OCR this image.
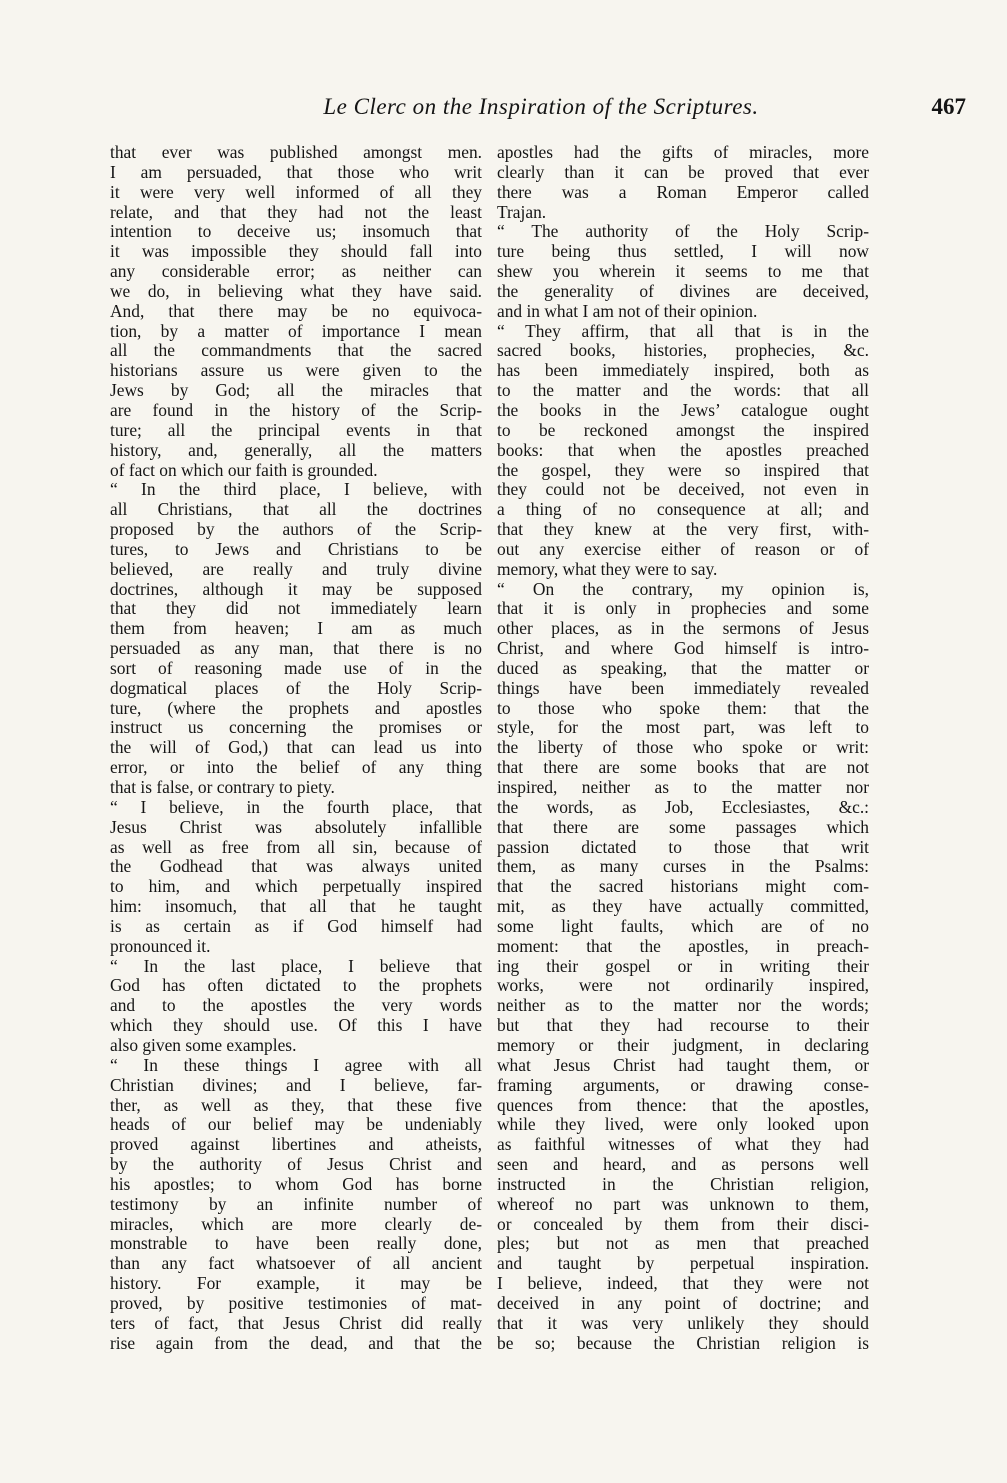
Le Clerc on the Inspiration of the Scriptures.	467
that ever was published amongst men.
I am persuaded, that those who writ
it were very well informed of all they
relate, and that they had not the least
intention to deceive us; insomuch that
it was impossible they should fall into
any considerable error; as neither can
we do, in believing what they have said.
And, that there may be no equivoca-
tion, by a matter of importance I mean
all the commandments that the sacred
historians assure us were given to the
Jews by God; all the miracles that
are found in the history of the Scrip-
ture; all the principal events in that
history, and, generally, all the matters
of fact on which our faith is grounded.
“ In the third place, I believe, with
all Christians, that all the doctrines
proposed by the authors of the Scrip-
tures, to Jews and Christians to be
believed, are really and truly divine
doctrines, although it may be supposed
that they did not immediately learn
them from heaven; I am as much
persuaded as any man, that there is no
sort of reasoning made use of in the
dogmatical places of the Holy Scrip-
ture, (where the prophets and apostles
instruct us concerning the promises or
the will of God,) that can lead us into
error, or into the belief of any thing
that is false, or contrary to piety.
“ I believe, in the fourth place, that
Jesus Christ was absolutely infallible
as well as free from all sin, because of
the Godhead that was always united
to him, and which perpetually inspired
him: insomuch, that all that he taught
is as certain as if God himself had
pronounced it.
“ In the last place, I believe that
God has often dictated to the prophets
and to the apostles the very words
which they should use. Of this I have
also given some examples.
“ In these things I agree with all
Christian divines; and I believe, far-
ther, as well as they, that these five
heads of our belief may be undeniably
proved against libertines and atheists,
by the authority of Jesus Christ and
his apostles; to whom God has borne
testimony by an infinite number of
miracles, which are more clearly de-
monstrable to have been really done,
than any fact whatsoever of all ancient
history. For example, it may be
proved, by positive testimonies of mat-
ters of fact, that Jesus Christ did really
rise again from the dead, and that the
apostles had the gifts of miracles, more
clearly than it can be proved that ever
there was a Roman Emperor called
Trajan.
“ The authority of the Holy Scrip-
ture being thus settled, I will now
shew you wherein it seems to me that
the generality of divines are deceived,
and in what I am not of their opinion.
“ They affirm, that all that is in the
sacred books, histories, prophecies, &c.
has been immediately inspired, both as
to the matter and the words: that all
the books in the Jews’ catalogue ought
to be reckoned amongst the inspired
books: that when the apostles preached
the gospel, they were so inspired that
they could not be deceived, not even in
a thing of no consequence at all; and
that they knew at the very first, with-
out any exercise either of reason or of
memory, what they were to say.
“ On the contrary, my opinion is,
that it is only in prophecies and some
other places, as in the sermons of Jesus
Christ, and where God himself is intro-
duced as speaking, that the matter or
things have been immediately revealed
to those who spoke them: that the
style, for the most part, was left to
the liberty of those who spoke or writ:
that there are some books that are not
inspired, neither as to the matter nor
the words, as Job, Ecclesiastes, &c.:
that there are some passages which
passion dictated to those that writ
them, as many curses in the Psalms:
that the sacred historians might com-
mit, as they have actually committed,
some light faults, which are of no
moment: that the apostles, in preach-
ing their gospel or in writing their
works, were not ordinarily inspired,
neither as to the matter nor the words;
but that they had recourse to their
memory or their judgment, in declaring
what Jesus Christ had taught them, or
framing arguments, or drawing conse-
quences from thence: that the apostles,
while they lived, were only looked upon
as faithful witnesses of what they had
seen and heard, and as persons well
instructed in the Christian religion,
whereof no part was unknown to them,
or concealed by them from their disci-
ples; but not as men that preached
and taught by perpetual inspiration.
I believe, indeed, that they were not
deceived in any point of doctrine; and
that it was very unlikely they should
be so; because the Christian religion is
